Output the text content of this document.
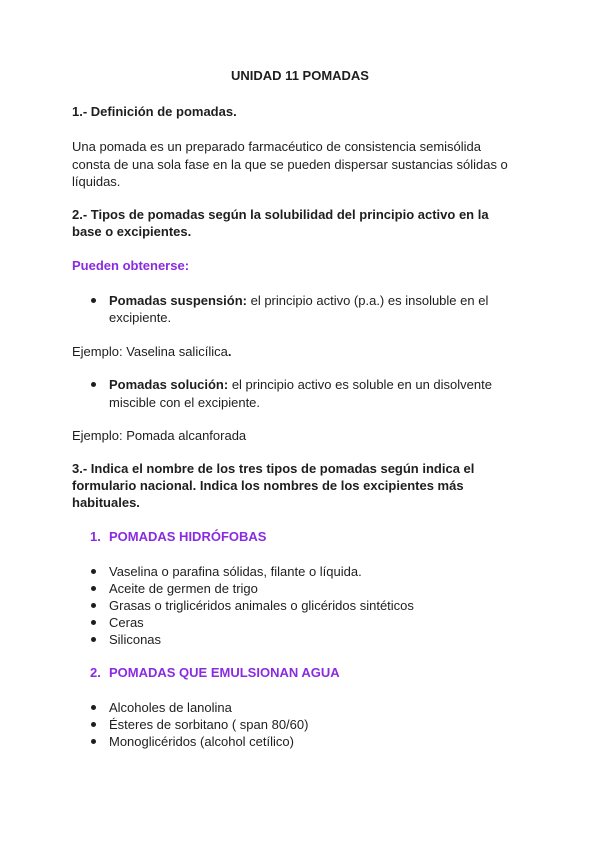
UNIDAD 11 POMADAS
1.- Definición de pomadas.
Una pomada es un preparado farmacéutico de consistencia semisólida
consta de una sola fase en la que se pueden dispersar sustancias sólidas o
líquidas.
2.- Tipos de pomadas según la solubilidad del principio activo en la
base o excipientes.
Pueden obtenerse:
Pomadas suspensión: el principio activo (p.a.) es insoluble en el
excipiente.
Ejemplo: Vaselina salicílica.
Pomadas solución: el principio activo es soluble en un disolvente
miscible con el excipiente.
Ejemplo: Pomada alcanforada
3.- Indica el nombre de los tres tipos de pomadas según indica el
formulario nacional. Indica los nombres de los excipientes más
habituales.
1. POMADAS HIDRÓFOBAS
Vaselina o parafina sólidas, filante o líquida.
Aceite de germen de trigo
Grasas o triglicéridos animales o glicéridos sintéticos
Ceras
Siliconas
2. POMADAS QUE EMULSIONAN AGUA
Alcoholes de lanolina
Ésteres de sorbitano ( span 80/60)
Monoglicéridos (alcohol cetílico)
